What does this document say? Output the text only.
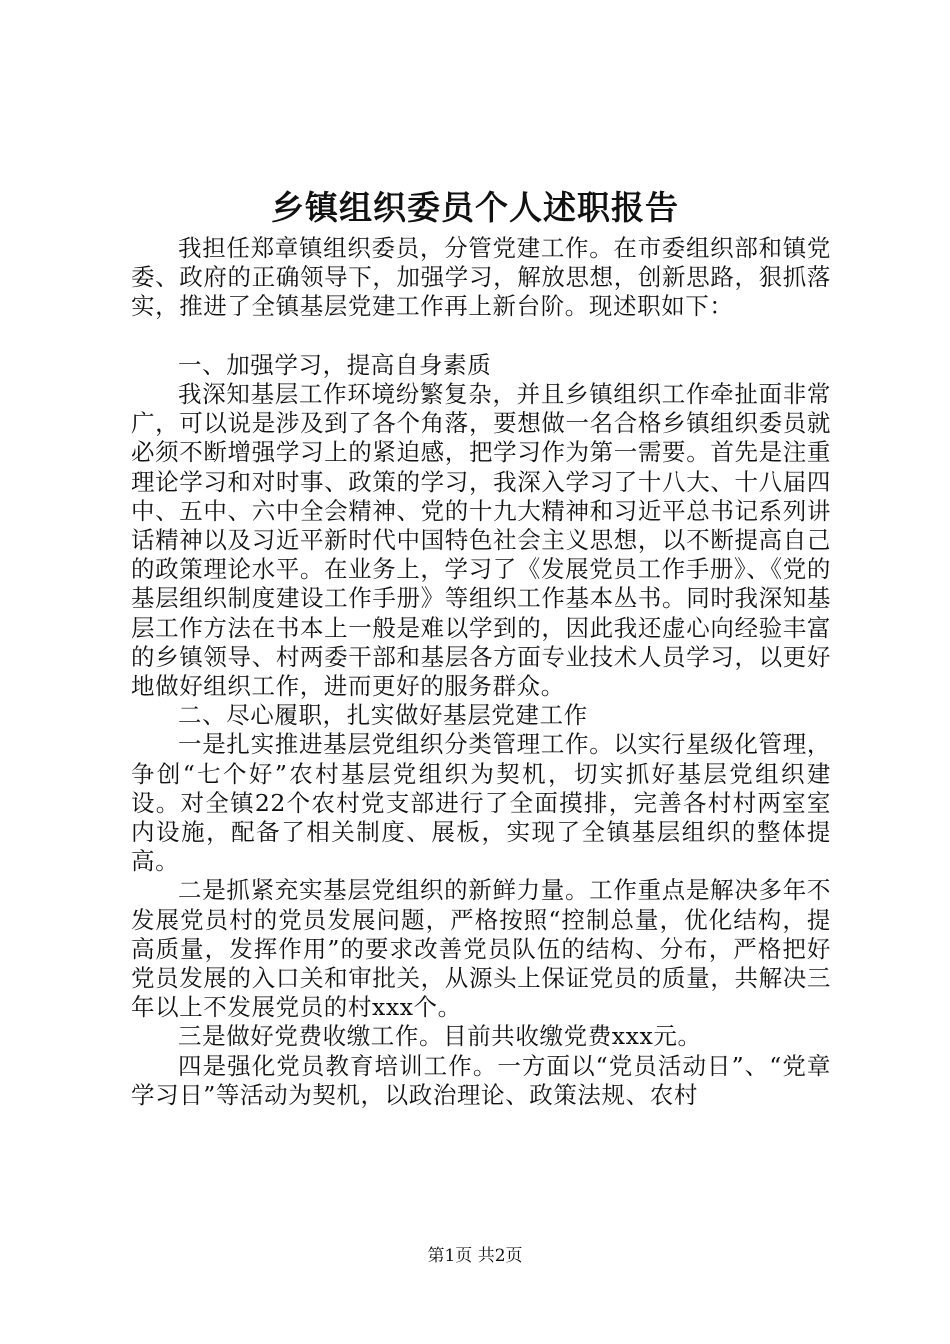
乡镇组织委员个人述职报告

我担任郑章镇组织委员，分管党建工作。在市委组织部和镇党委、政府的正确领导下，加强学习，解放思想，创新思路，狠抓落实，推进了全镇基层党建工作再上新台阶。现述职如下：

一、加强学习，提高自身素质

我深知基层工作环境纷繁复杂，并且乡镇组织工作牵扯面非常广，可以说是涉及到了各个角落，要想做一名合格乡镇组织委员就必须不断增强学习上的紧迫感，把学习作为第一需要。首先是注重理论学习和对时事、政策的学习，我深入学习了十八大、十八届四中、五中、六中全会精神、党的十九大精神和习近平总书记系列讲话精神以及习近平新时代中国特色社会主义思想，以不断提高自己的政策理论水平。在业务上，学习了《发展党员工作手册》、《党的基层组织制度建设工作手册》等组织工作基本丛书。同时我深知基层工作方法在书本上一般是难以学到的，因此我还虚心向经验丰富的乡镇领导、村两委干部和基层各方面专业技术人员学习，以更好地做好组织工作，进而更好的服务群众。

二、尽心履职，扎实做好基层党建工作

一是扎实推进基层党组织分类管理工作。以实行星级化管理，争创“七个好”农村基层党组织为契机，切实抓好基层党组织建设。对全镇22个农村党支部进行了全面摸排，完善各村村两室室内设施，配备了相关制度、展板，实现了全镇基层组织的整体提高。

二是抓紧充实基层党组织的新鲜力量。工作重点是解决多年不发展党员村的党员发展问题，严格按照“控制总量，优化结构，提高质量，发挥作用”的要求改善党员队伍的结构、分布，严格把好党员发展的入口关和审批关，从源头上保证党员的质量，共解决三年以上不发展党员的村xxx个。

三是做好党费收缴工作。目前共收缴党费xxx元。

四是强化党员教育培训工作。一方面以“党员活动日”、“党章学习日”等活动为契机，以政治理论、政策法规、农村

第1页 共2页
